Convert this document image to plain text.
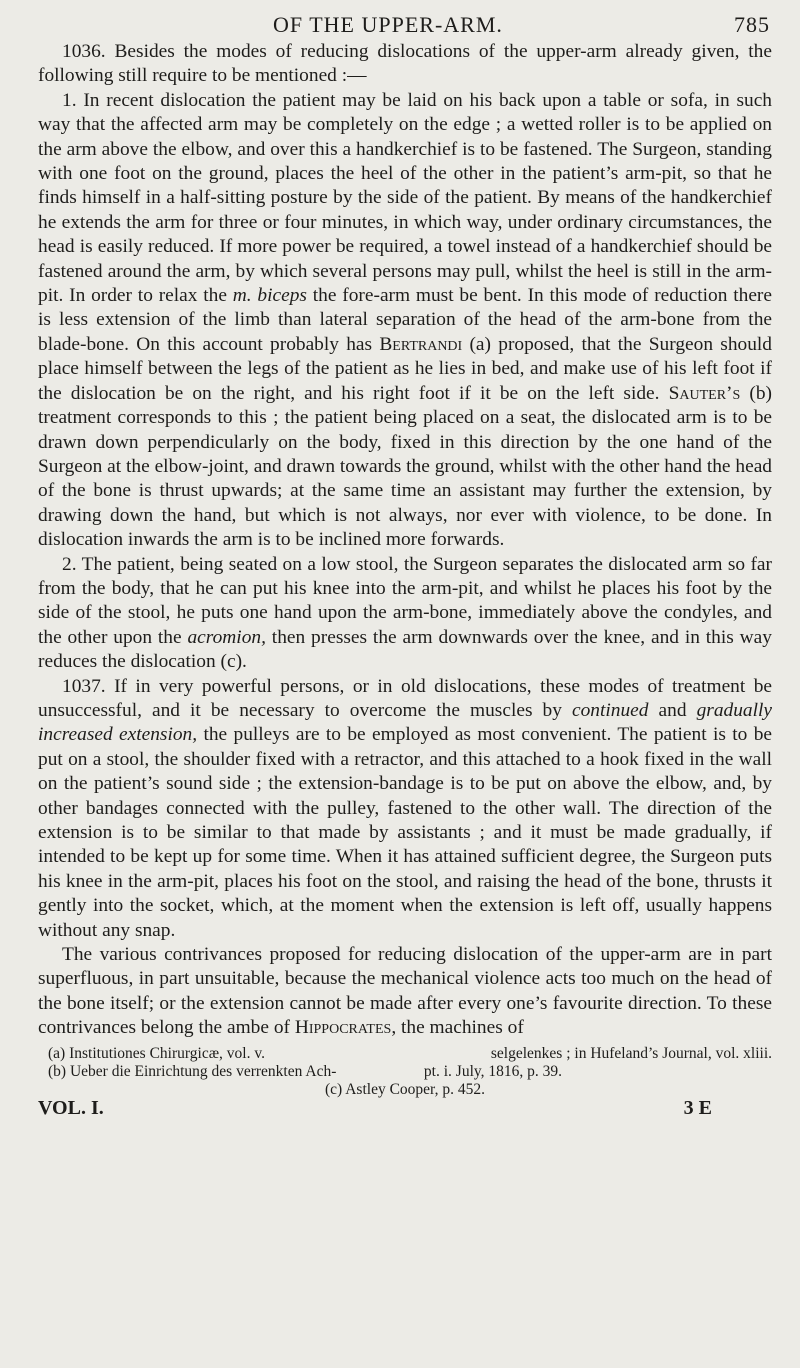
OF THE UPPER-ARM.	785

1036. Besides the modes of reducing dislocations of the upper-arm already given, the following still require to be mentioned :—

1. In recent dislocation the patient may be laid on his back upon a table or sofa, in such way that the affected arm may be completely on the edge ; a wetted roller is to be applied on the arm above the elbow, and over this a handkerchief is to be fastened. The Surgeon, standing with one foot on the ground, places the heel of the other in the patient’s arm-pit, so that he finds himself in a half-sitting posture by the side of the patient. By means of the handkerchief he extends the arm for three or four minutes, in which way, under ordinary circumstances, the head is easily reduced. If more power be required, a towel instead of a handkerchief should be fastened around the arm, by which several persons may pull, whilst the heel is still in the arm-pit. In order to relax the m. biceps the fore-arm must be bent. In this mode of reduction there is less extension of the limb than lateral separation of the head of the arm-bone from the blade-bone. On this account probably has Bertrandi (a) proposed, that the Surgeon should place himself between the legs of the patient as he lies in bed, and make use of his left foot if the dislocation be on the right, and his right foot if it be on the left side. Sauter’s (b) treatment corresponds to this ; the patient being placed on a seat, the dislocated arm is to be drawn down perpendicularly on the body, fixed in this direction by the one hand of the Surgeon at the elbow-joint, and drawn towards the ground, whilst with the other hand the head of the bone is thrust upwards; at the same time an assistant may further the extension, by drawing down the hand, but which is not always, nor ever with violence, to be done. In dislocation inwards the arm is to be inclined more forwards.

2. The patient, being seated on a low stool, the Surgeon separates the dislocated arm so far from the body, that he can put his knee into the arm-pit, and whilst he places his foot by the side of the stool, he puts one hand upon the arm-bone, immediately above the condyles, and the other upon the acromion, then presses the arm downwards over the knee, and in this way reduces the dislocation (c).

1037. If in very powerful persons, or in old dislocations, these modes of treatment be unsuccessful, and it be necessary to overcome the muscles by continued and gradually increased extension, the pulleys are to be employed as most convenient. The patient is to be put on a stool, the shoulder fixed with a retractor, and this attached to a hook fixed in the wall on the patient’s sound side ; the extension-bandage is to be put on above the elbow, and, by other bandages connected with the pulley, fastened to the other wall. The direction of the extension is to be similar to that made by assistants ; and it must be made gradually, if intended to be kept up for some time. When it has attained sufficient degree, the Surgeon puts his knee in the arm-pit, places his foot on the stool, and raising the head of the bone, thrusts it gently into the socket, which, at the moment when the extension is left off, usually happens without any snap.

The various contrivances proposed for reducing dislocation of the upper-arm are in part superfluous, in part unsuitable, because the mechanical violence acts too much on the head of the bone itself; or the extension cannot be made after every one’s favourite direction. To these contrivances belong the ambe of Hippocrates, the machines of

(a) Institutiones Chirurgicæ, vol. v.	selgelenkes ; in Hufeland’s Journal, vol. xliii.
(b) Ueber die Einrichtung des verrenkten Ach-	pt. i. July, 1816, p. 39.
(c) Astley Cooper, p. 452.
VOL. I.	3 E
